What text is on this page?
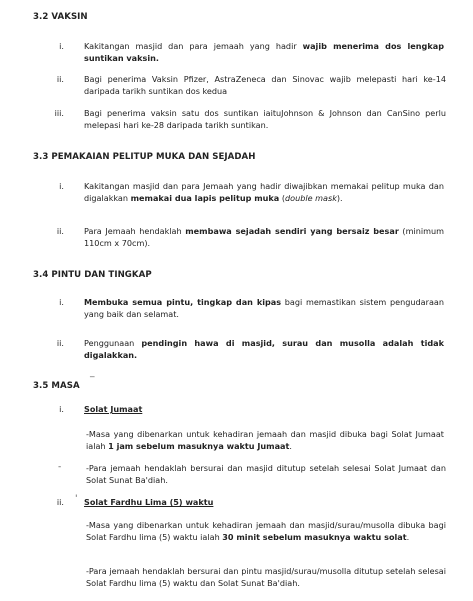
3.2 VAKSIN
i. Kakitangan masjid dan para jemaah yang hadir wajib menerima dos lengkap suntikan vaksin.
ii. Bagi penerima Vaksin Pfizer, AstraZeneca dan Sinovac wajib melepasti hari ke-14 daripada tarikh suntikan dos kedua
iii. Bagi penerima vaksin satu dos suntikan iaituJohnson & Johnson dan CanSino perlu melepasi hari ke-28 daripada tarikh suntikan.
3.3 PEMAKAIAN PELITUP MUKA DAN SEJADAH
i. Kakitangan masjid dan para Jemaah yang hadir diwajibkan memakai pelitup muka dan digalakkan memakai dua lapis pelitup muka (double mask).
ii. Para Jemaah hendaklah membawa sejadah sendiri yang bersaiz besar (minimum 110cm x 70cm).
3.4 PINTU DAN TINGKAP
i. Membuka semua pintu, tingkap dan kipas bagi memastikan sistem pengudaraan yang baik dan selamat.
ii. Penggunaan pendingin hawa di masjid, surau dan musolla adalah tidak digalakkan.
3.5 MASA ‾
i. Solat Jumaat
-Masa yang dibenarkan untuk kehadiran jemaah dan masjid dibuka bagi Solat Jumaat ialah 1 jam sebelum masuknya waktu Jumaat.
-	-Para jemaah hendaklah bersurai dan masjid ditutup setelah selesai Solat Jumaat dan Solat Sunat Ba'diah.
ii. ' Solat Fardhu Lima (5) waktu
-Masa yang dibenarkan untuk kehadiran jemaah dan masjid/surau/musolla dibuka bagi Solat Fardhu lima (5) waktu ialah 30 minit sebelum masuknya waktu solat.
-Para jemaah hendaklah bersurai dan pintu masjid/surau/musolla ditutup setelah selesai Solat Fardhu lima (5) waktu dan Solat Sunat Ba'diah.
